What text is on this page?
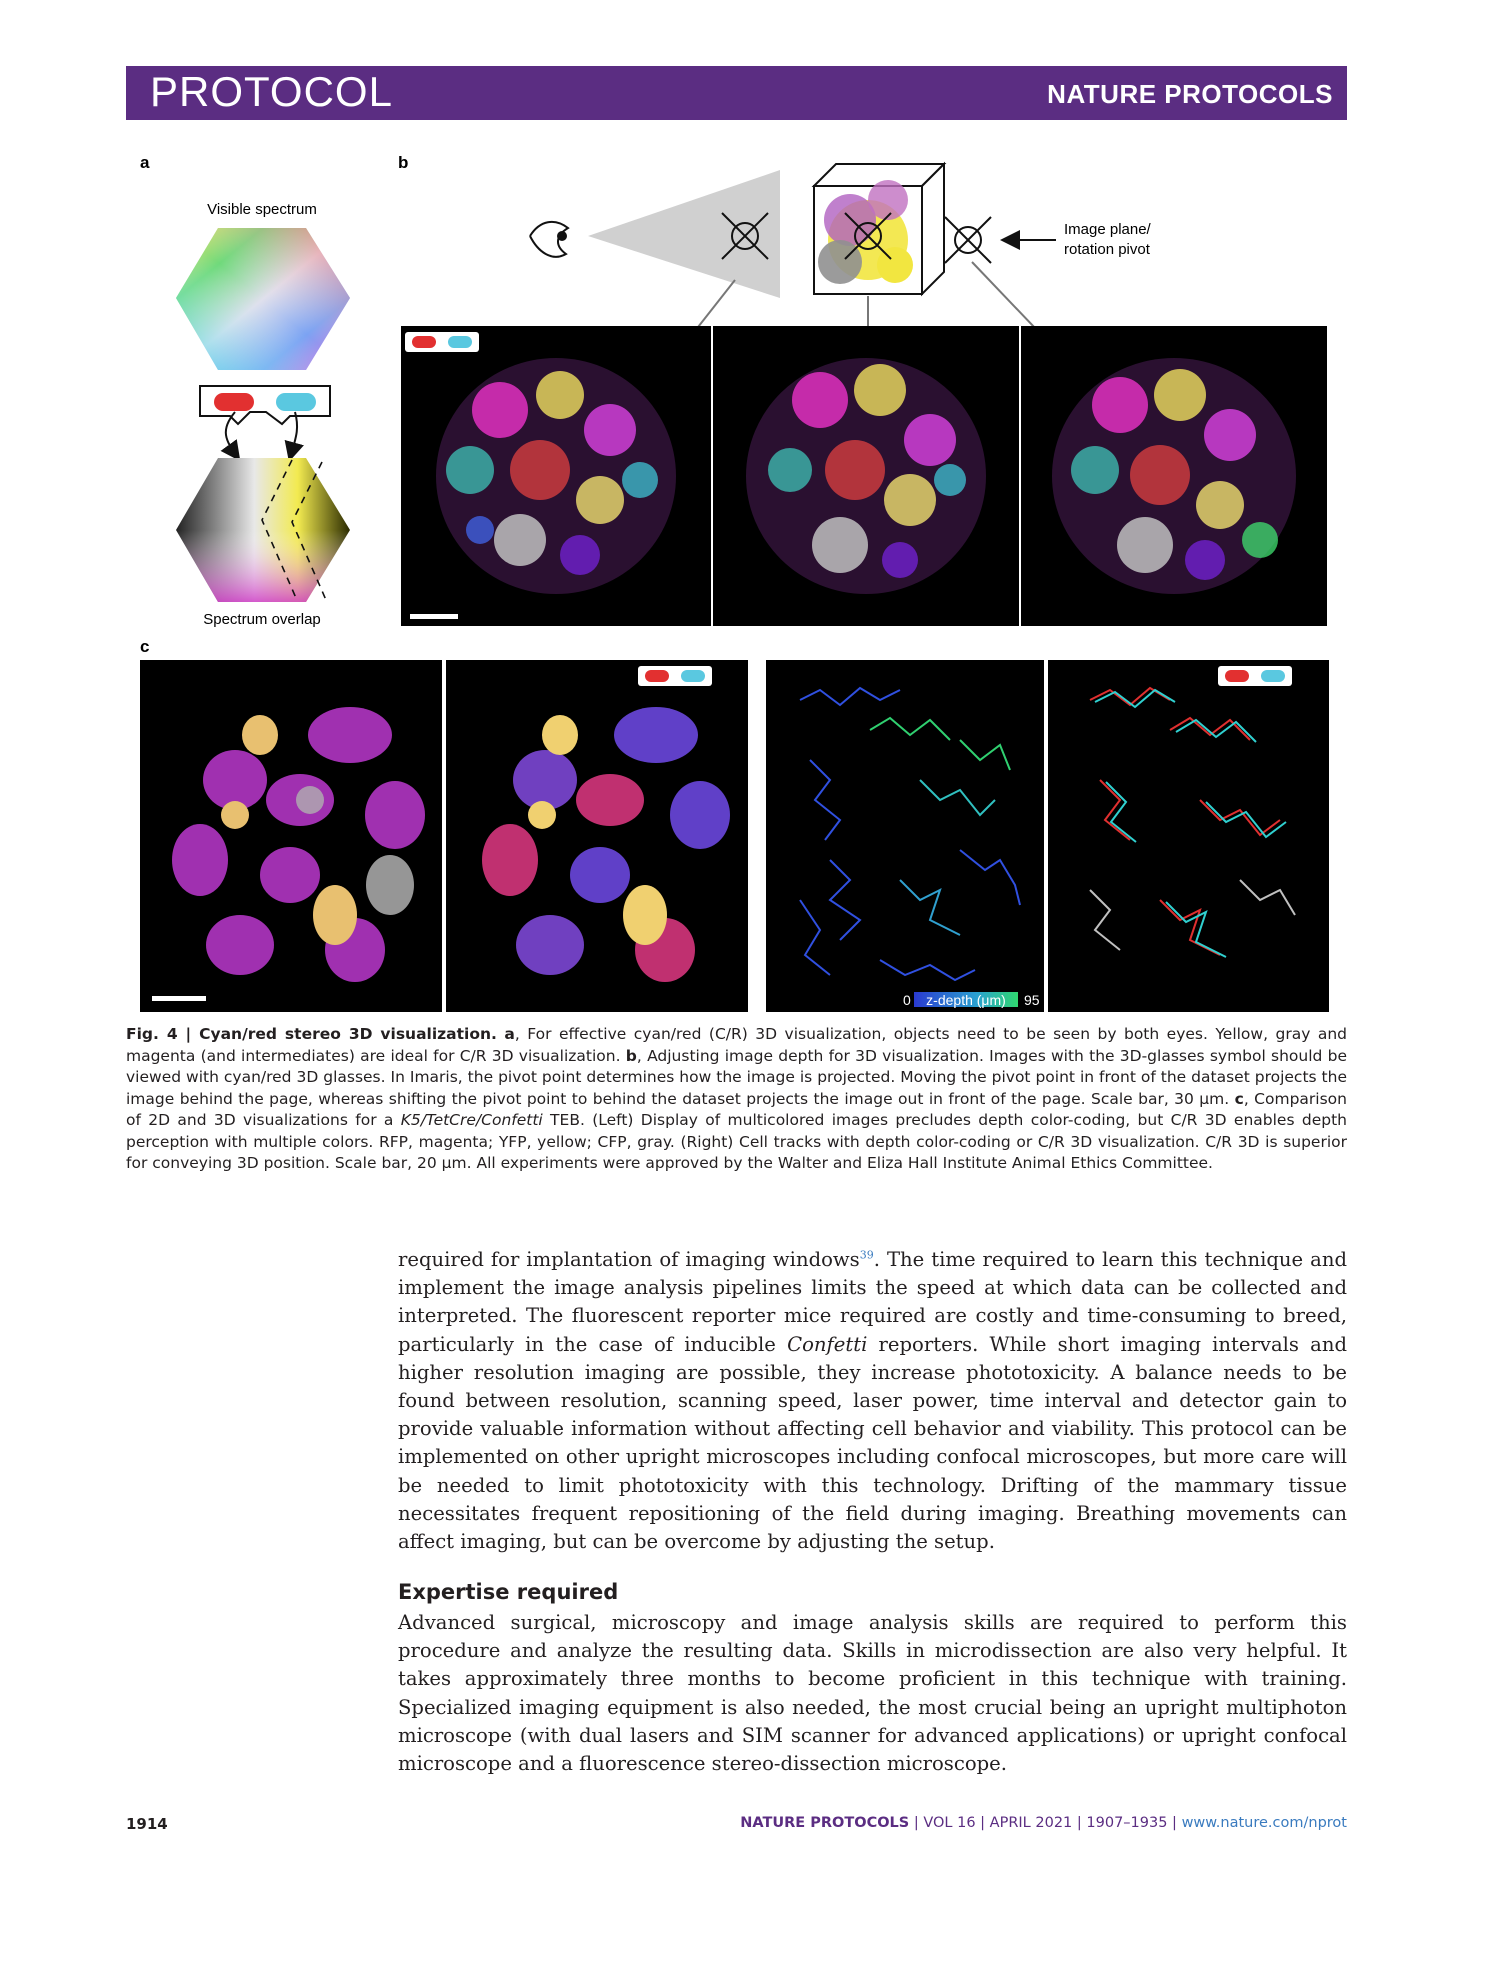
PROTOCOL	NATURE PROTOCOLS
a	b
c
Visible spectrum
Spectrum overlap
Image plane/
rotation pivot
0 z-depth (μm) 95
Fig. 4 | Cyan/red stereo 3D visualization. a, For effective cyan/red (C/R) 3D visualization, objects need to be seen by both eyes. Yellow, gray and magenta (and intermediates) are ideal for C/R 3D visualization. b, Adjusting image depth for 3D visualization. Images with the 3D-glasses symbol should be viewed with cyan/red 3D glasses. In Imaris, the pivot point determines how the image is projected. Moving the pivot point in front of the dataset projects the image behind the page, whereas shifting the pivot point to behind the dataset projects the image out in front of the page. Scale bar, 30 μm. c, Comparison of 2D and 3D visualizations for a K5/TetCre/Confetti TEB. (Left) Display of multicolored images precludes depth color-coding, but C/R 3D enables depth perception with multiple colors. RFP, magenta; YFP, yellow; CFP, gray. (Right) Cell tracks with depth color-coding or C/R 3D visualization. C/R 3D is superior for conveying 3D position. Scale bar, 20 μm. All experiments were approved by the Walter and Eliza Hall Institute Animal Ethics Committee.
required for implantation of imaging windows$^{39}$. The time required to learn this technique and implement the image analysis pipelines limits the speed at which data can be collected and interpreted. The fluorescent reporter mice required are costly and time-consuming to breed, particularly in the case of inducible Confetti reporters. While short imaging intervals and higher resolution imaging are possible, they increase phototoxicity. A balance needs to be found between resolution, scanning speed, laser power, time interval and detector gain to provide valuable information without affecting cell behavior and viability. This protocol can be implemented on other upright microscopes including confocal microscopes, but more care will be needed to limit phototoxicity with this technology. Drifting of the mammary tissue necessitates frequent repositioning of the field during imaging. Breathing movements can affect imaging, but can be overcome by adjusting the setup.
Expertise required
Advanced surgical, microscopy and image analysis skills are required to perform this procedure and analyze the resulting data. Skills in microdissection are also very helpful. It takes approximately three months to become proficient in this technique with training. Specialized imaging equipment is also needed, the most crucial being an upright multiphoton microscope (with dual lasers and SIM scanner for advanced applications) or upright confocal microscope and a fluorescence stereo-dissection microscope.
1914	NATURE PROTOCOLS | VOL 16 | APRIL 2021 | 1907–1935 | www.nature.com/nprot
